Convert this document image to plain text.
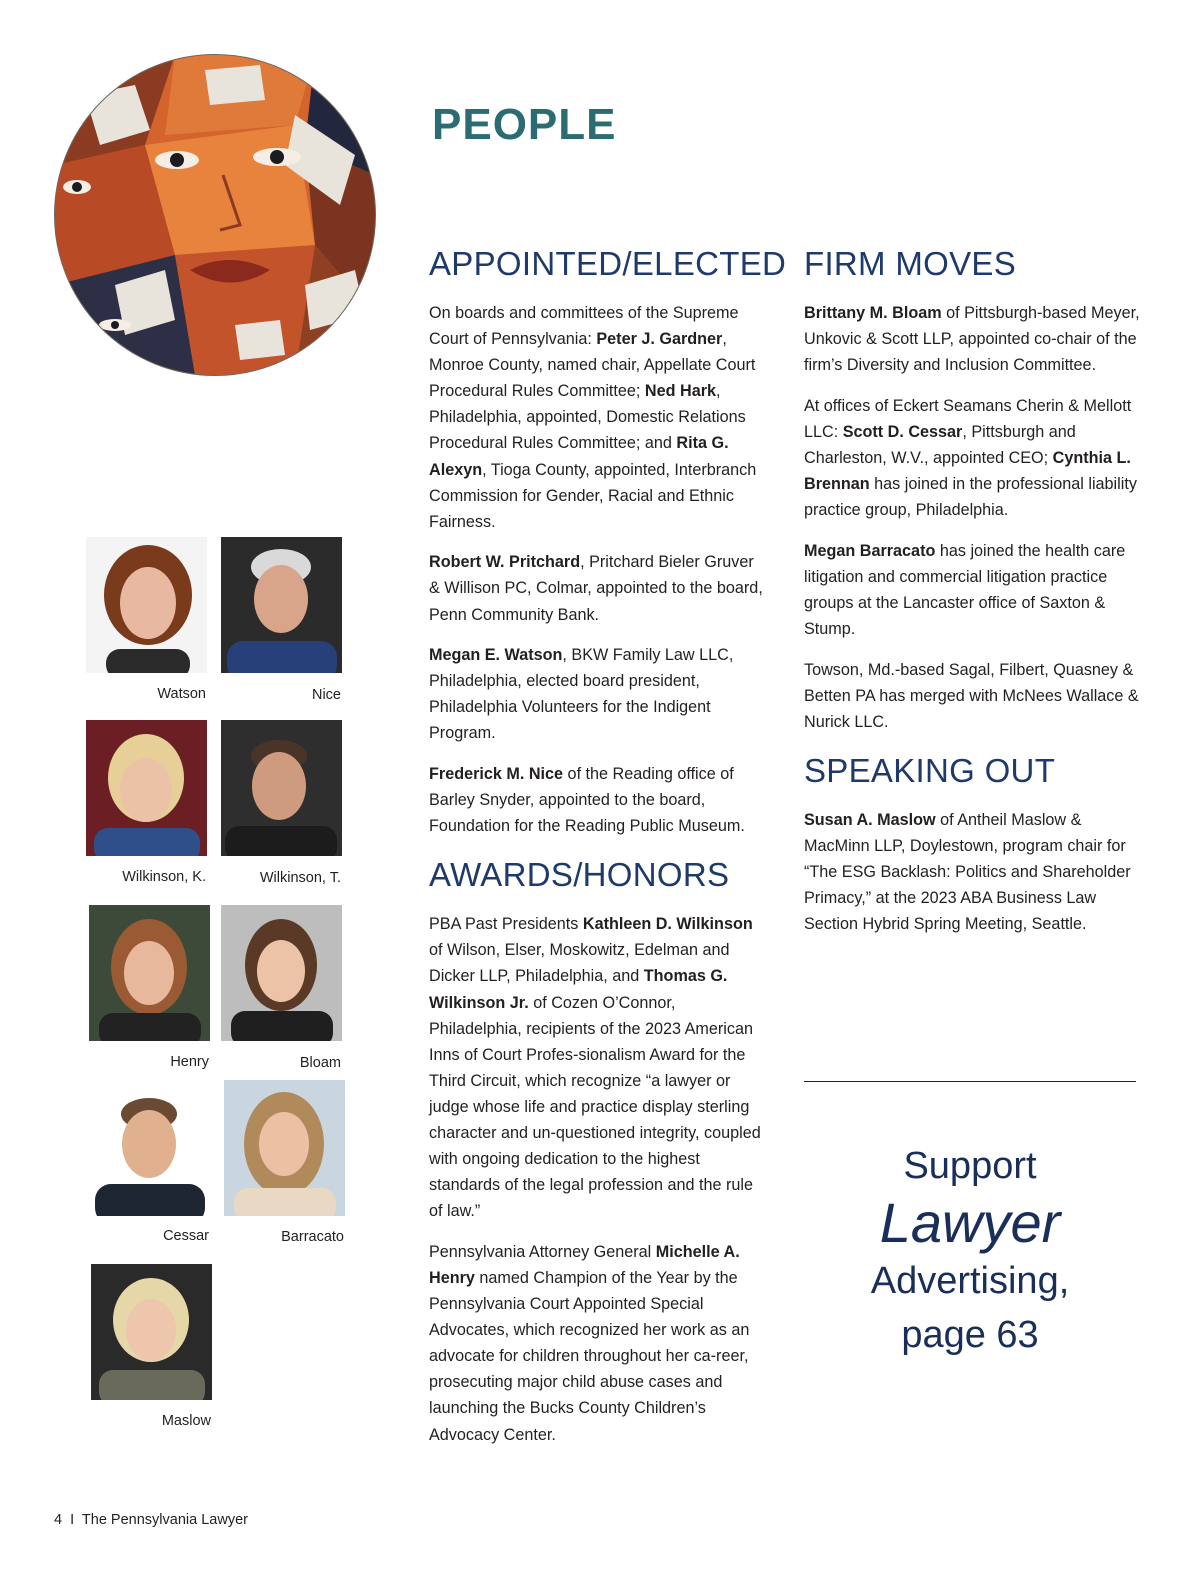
PEOPLE
APPOINTED/ELECTED

On boards and committees of the Supreme Court of Pennsylvania: Peter J. Gardner, Monroe County, named chair, Appellate Court Procedural Rules Committee; Ned Hark, Philadelphia, appointed, Domestic Relations Procedural Rules Committee; and Rita G. Alexyn, Tioga County, appointed, Interbranch Commission for Gender, Racial and Ethnic Fairness.

Robert W. Pritchard, Pritchard Bieler Gruver & Willison PC, Colmar, appointed to the board, Penn Community Bank.

Megan E. Watson, BKW Family Law LLC, Philadelphia, elected board president, Philadelphia Volunteers for the Indigent Program.

Frederick M. Nice of the Reading office of Barley Snyder, appointed to the board, Foundation for the Reading Public Museum.

AWARDS/HONORS

PBA Past Presidents Kathleen D. Wilkinson of Wilson, Elser, Moskowitz, Edelman and Dicker LLP, Philadelphia, and Thomas G. Wilkinson Jr. of Cozen O’Connor, Philadelphia, recipients of the 2023 American Inns of Court Profes-sionalism Award for the Third Circuit, which recognize “a lawyer or judge whose life and practice display sterling character and un-questioned integrity, coupled with ongoing dedication to the highest standards of the legal profession and the rule of law.”

Pennsylvania Attorney General Michelle A. Henry named Champion of the Year by the Pennsylvania Court Appointed Special Advocates, which recognized her work as an advocate for children throughout her ca-reer, prosecuting major child abuse cases and launching the Bucks County Children’s Advocacy Center.

FIRM MOVES

Brittany M. Bloam of Pittsburgh-based Meyer, Unkovic & Scott LLP, appointed co-chair of the firm’s Diversity and Inclusion Committee.

At offices of Eckert Seamans Cherin & Mellott LLC: Scott D. Cessar, Pittsburgh and Charleston, W.V., appointed CEO; Cynthia L. Brennan has joined in the professional liability practice group, Philadelphia.

Megan Barracato has joined the health care litigation and commercial litigation practice groups at the Lancaster office of Saxton & Stump.

Towson, Md.-based Sagal, Filbert, Quasney & Betten PA has merged with McNees Wallace & Nurick LLC.

SPEAKING OUT

Susan A. Maslow of Antheil Maslow & MacMinn LLP, Doylestown, program chair for “The ESG Backlash: Politics and Shareholder Primacy,” at the 2023 ABA Business Law Section Hybrid Spring Meeting, Seattle.

Watson	Nice
Wilkinson, K.	Wilkinson, T.
Henry	Bloam
Cessar	Barracato
Maslow
Support
Lawyer
Advertising,
page 63
4 I The Pennsylvania Lawyer
